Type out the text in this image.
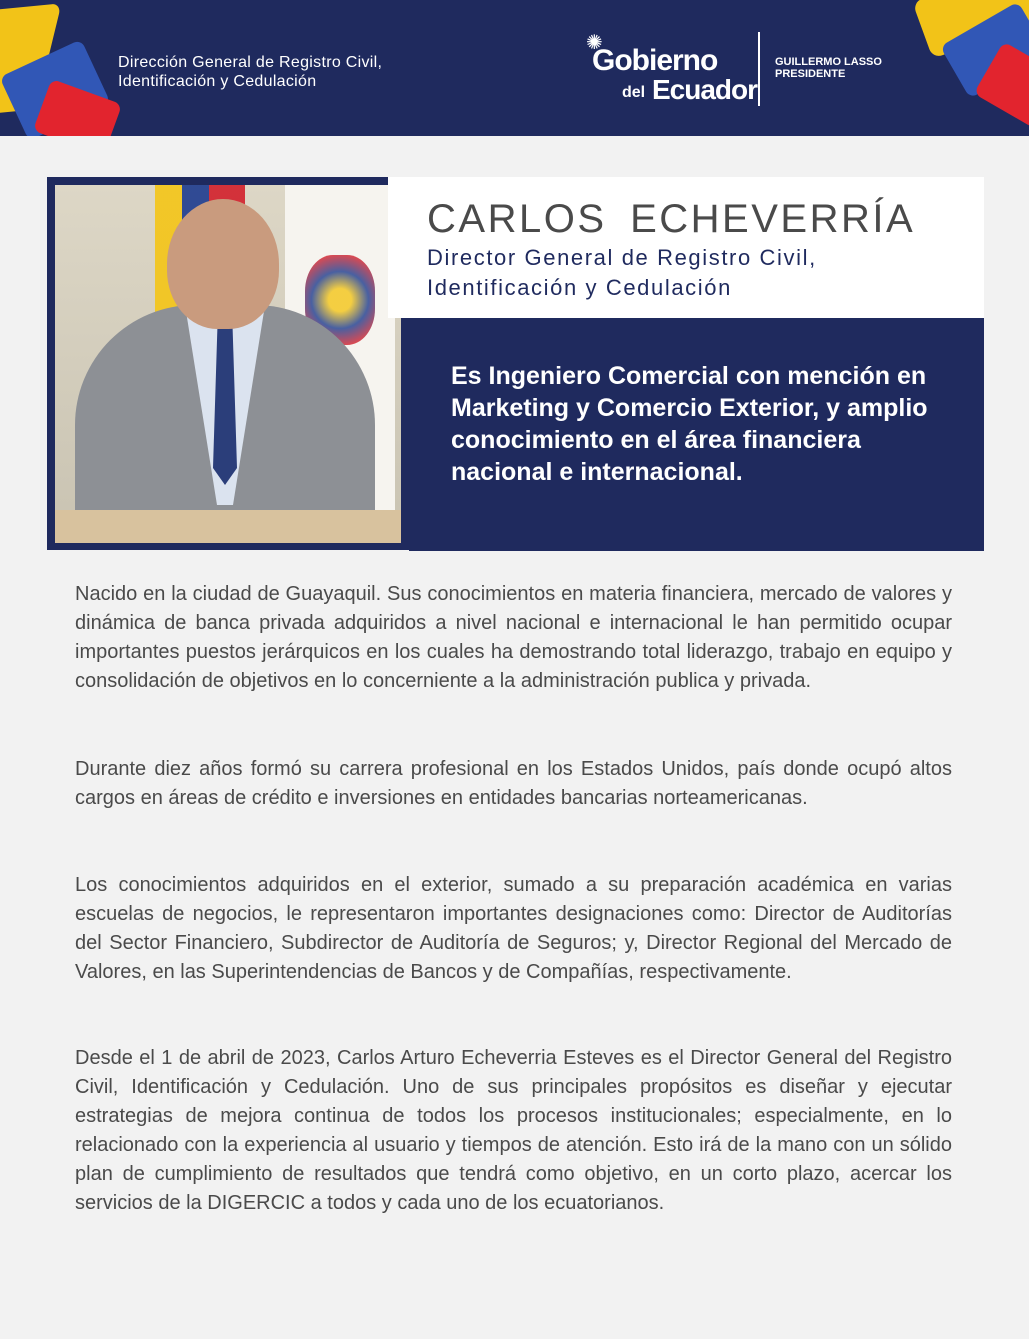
Dirección General de Registro Civil,
Identificación y Cedulación
✺
Gobierno
del Ecuador
GUILLERMO LASSO
PRESIDENTE
CARLOS ECHEVERRÍA
Director General de Registro Civil,
Identificación y Cedulación
Es Ingeniero Comercial con mención en Marketing y Comercio Exterior, y amplio conocimiento en el área financiera nacional e internacional.

Nacido en la ciudad de Guayaquil. Sus conocimientos en materia financiera, mercado de valores y dinámica de banca privada adquiridos a nivel nacional e internacional le han permitido ocupar importantes puestos jerárquicos en los cuales ha demostrando total liderazgo, trabajo en equipo y consolidación de objetivos en lo concerniente a la administración publica y privada.

Durante diez años formó su carrera profesional en los Estados Unidos, país donde ocupó altos cargos en áreas de crédito e inversiones en entidades bancarias norteamericanas.

Los conocimientos adquiridos en el exterior, sumado a su preparación académica en varias escuelas de negocios, le representaron importantes designaciones como: Director de Auditorías del Sector Financiero, Subdirector de Auditoría de Seguros; y, Director Regional del Mercado de Valores, en las Superintendencias de Bancos y de Compañías, respectivamente.

Desde el 1 de abril de 2023, Carlos Arturo Echeverria Esteves es el Director General del Registro Civil, Identificación y Cedulación. Uno de sus principales propósitos es diseñar y ejecutar estrategias de mejora continua de todos los procesos institucionales; especialmente, en lo relacionado con la experiencia al usuario y tiempos de atención. Esto irá de la mano con un sólido plan de cumplimiento de resultados que tendrá como objetivo, en un corto plazo, acercar los servicios de la DIGERCIC a todos y cada uno de los ecuatorianos.
